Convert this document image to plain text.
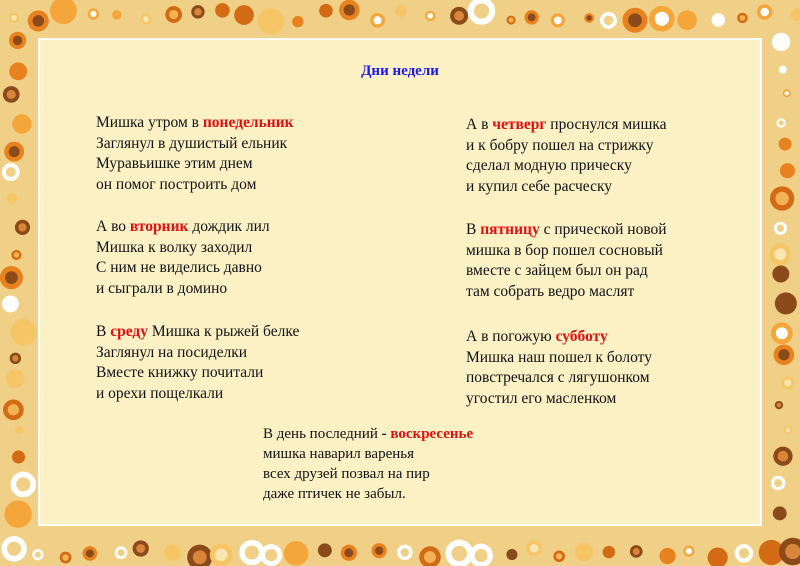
Дни недели
Мишка утром в понедельник
Заглянул в душистый ельник
Муравьишке этим днем
он помог построить дом
А во вторник дождик лил
Мишка к волку заходил
С ним не виделись давно
и сыграли в домино
В среду Мишка к рыжей белке
Заглянул на посиделки
Вместе книжку почитали
и орехи пощелкали
А в четверг проснулся мишка
и к бобру пошел на стрижку
сделал модную прическу
и купил себе расческу
В пятницу с прической новой
мишка в бор пошел сосновый
вместе с зайцем был он рад
там собрать ведро маслят
А в погожую субботу
Мишка наш пошел к болоту
повстречался с лягушонком
угостил его масленком
В день последний - воскресенье
мишка наварил варенья
всех друзей позвал на пир
даже птичек не забыл.
